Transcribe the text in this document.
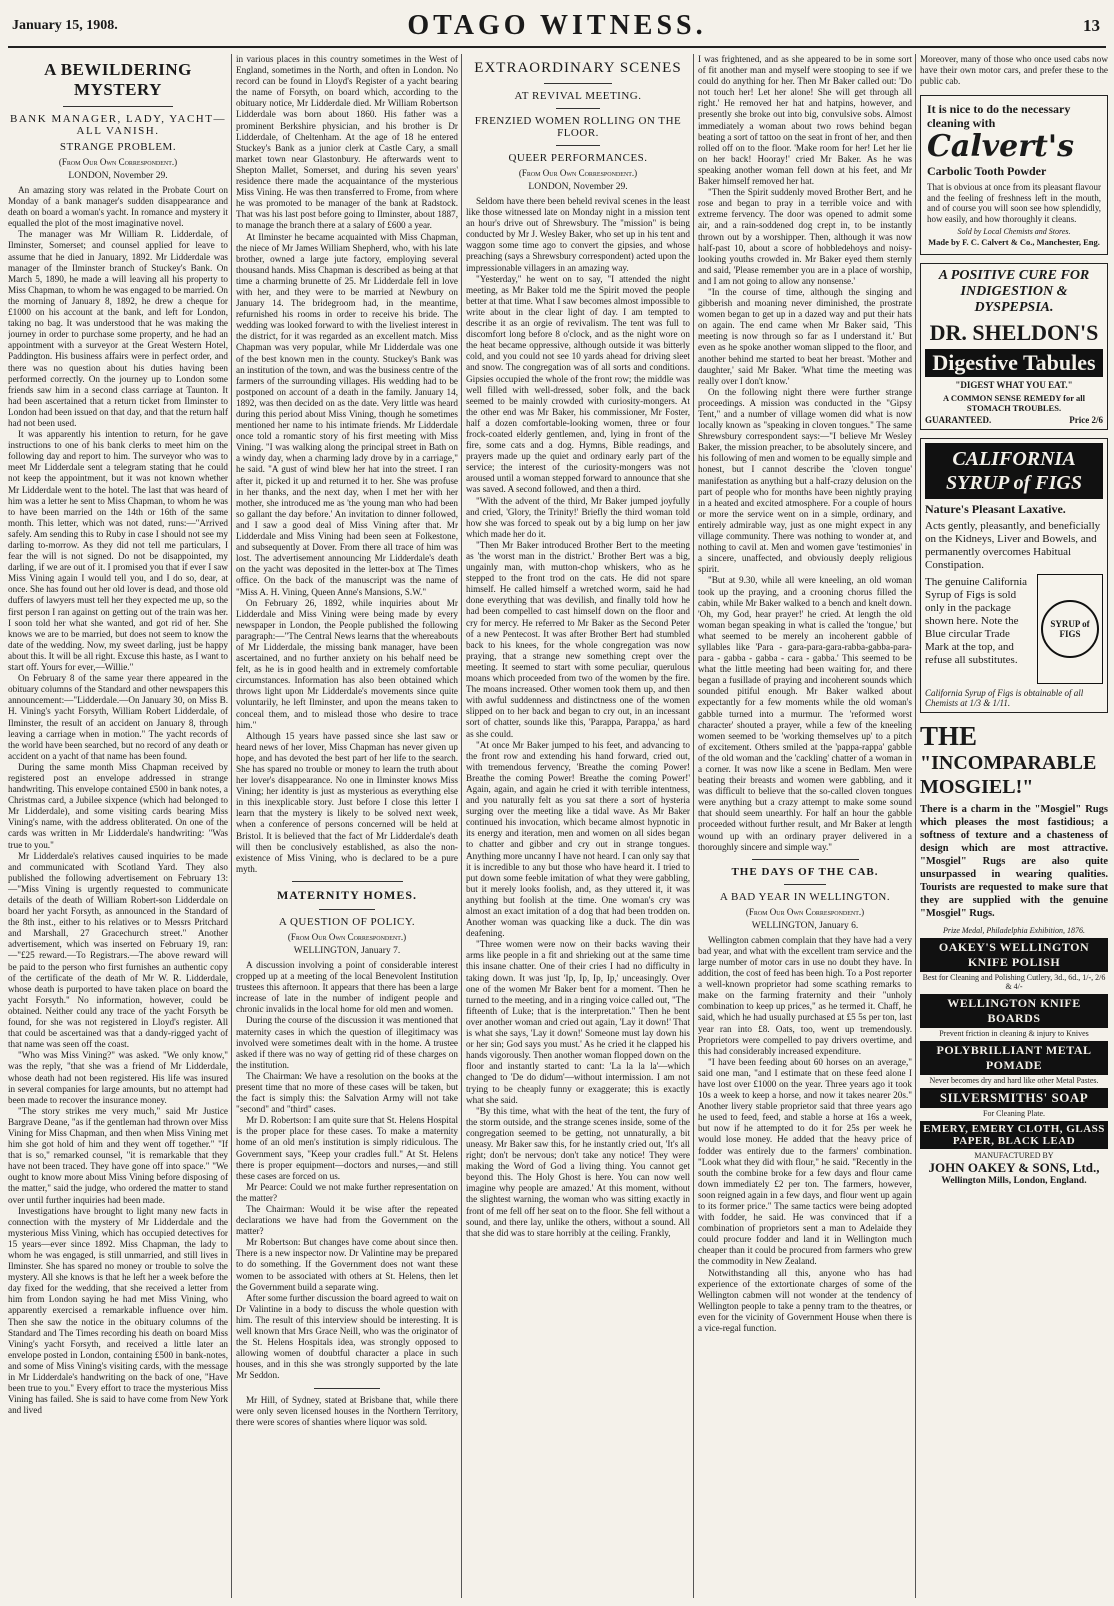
January 15, 1908.	OTAGO WITNESS.	13
A BEWILDERING MYSTERY
BANK MANAGER, LADY, YACHT— ALL VANISH.
STRANGE PROBLEM.
(From Our Own Correspondent.)
LONDON, November 29.

An amazing story was related in the Probate Court on Monday of a bank manager's sudden disappearance and death on board a woman's yacht. In romance and mystery it equalled the plot of the most imaginative novel.

The manager was Mr William R. Lidderdale, of Ilminster, Somerset; and counsel applied for leave to assume that he died in January, 1892. Mr Lidderdale was manager of the Ilminster branch of Stuckey's Bank. On March 5, 1890, he made a will leaving all his property to Miss Chapman, to whom he was engaged to be married. On the morning of January 8, 1892, he drew a cheque for £1000 on his account at the bank, and left for London, taking no bag. It was understood that he was making the journey in order to purchase some property, and he had an appointment with a surveyor at the Great Western Hotel, Paddington. His business affairs were in perfect order, and there was no question about his duties having been performed correctly. On the journey up to London some friends saw him in a second class carriage at Taunton. It had been ascertained that a return ticket from Ilminster to London had been issued on that day, and that the return half had not been used.

It was apparently his intention to return, for he gave instructions to one of his bank clerks to meet him on the following day and report to him. The surveyor who was to meet Mr Lidderdale sent a telegram stating that he could not keep the appointment, but it was not known whether Mr Lidderdale went to the hotel. The last that was heard of him was a letter he sent to Miss Chapman, to whom he was to have been married on the 14th or 16th of the same month. This letter, which was not dated, runs:—"Arrived safely. Am sending this to Ruby in case I should not see my darling to-morrow. As they did not tell me particulars, I fear the will is not signed. Do not be disappointed, my darling, if we are out of it. I promised you that if ever I saw Miss Vining again I would tell you, and I do so, dear, at once. She has found out her old lover is dead, and those old duffers of lawyers must tell her they expected me up, so the first person I ran against on getting out of the train was her. I soon told her what she wanted, and got rid of her. She knows we are to be married, but does not seem to know the date of the wedding. Now, my sweet darling, just be happy about this. It will be all right. Excuse this haste, as I want to start off. Yours for ever,—Willie."

On February 8 of the same year there appeared in the obituary columns of the Standard and other newspapers this announcement:—"Lidderdale.—On January 30, on Miss B. H. Vining's yacht Forsyth, William Robert Lidderdale, of Ilminster, the result of an accident on January 8, through leaving a carriage when in motion." The yacht records of the world have been searched, but no record of any death or accident on a yacht of that name has been found.

During the same month Miss Chapman received by registered post an envelope addressed in strange handwriting. This envelope contained £500 in bank notes, a Christmas card, a Jubilee sixpence (which had belonged to Mr Lidderdale), and some visiting cards bearing Miss Vining's name, with the address obliterated. On one of the cards was written in Mr Lidderdale's handwriting: "Was true to you."

Mr Lidderdale's relatives caused inquiries to be made and communicated with Scotland Yard. They also published the following advertisement on February 13:—"Miss Vining is urgently requested to communicate details of the death of William Robert-son Lidderdale on board her yacht Forsyth, as announced in the Standard of the 8th inst., either to his relatives or to Messrs Pritchard and Marshall, 27 Gracechurch street." Another advertisement, which was inserted on February 19, ran:—"£25 reward.—To Registrars.—The above reward will be paid to the person who first furnishes an authentic copy of the certificate of the death of Mr W. R. Lidderdale, whose death is purported to have taken place on board the yacht Forsyth." No information, however, could be obtained. Neither could any trace of the yacht Forsyth be found, for she was not registered in Lloyd's register. All that could be ascertained was that a dandy-rigged yacht of that name was seen off the coast.

"Who was Miss Vining?" was asked. "We only know," was the reply, "that she was a friend of Mr Lidderdale, whose death had not been registered. His life was insured in several companies for large amounts, but no attempt had been made to recover the insurance money.

"The story strikes me very much," said Mr Justice Bargrave Deane, "as if the gentleman had thrown over Miss Vining for Miss Chapman, and then when Miss Vining met him she got hold of him and they went off together." "If that is so," remarked counsel, "it is remarkable that they have not been traced. They have gone off into space." "We ought to know more about Miss Vining before disposing of the matter," said the judge, who ordered the matter to stand over until further inquiries had been made.

Investigations have brought to light many new facts in connection with the mystery of Mr Lidderdale and the mysterious Miss Vining, which has occupied detectives for 15 years—ever since 1892. Miss Chapman, the lady to whom he was engaged, is still unmarried, and still lives in Ilminster. She has spared no money or trouble to solve the mystery. All she knows is that he left her a week before the day fixed for the wedding, that she received a letter from him from London saying he had met Miss Vining, who apparently exercised a remarkable influence over him. Then she saw the notice in the obituary columns of the Standard and The Times recording his death on board Miss Vining's yacht Forsyth, and received a little later an envelope posted in London, containing £500 in bank-notes, and some of Miss Vining's visiting cards, with the message in Mr Lidderdale's handwriting on the back of one, "Have been true to you." Every effort to trace the mysterious Miss Vining has failed. She is said to have come from New York and lived

in various places in this country sometimes in the West of England, sometimes in the North, and often in London. No record can be found in Lloyd's Register of a yacht bearing the name of Forsyth, on board which, according to the obituary notice, Mr Lidderdale died. Mr William Robertson Lidderdale was born about 1860. His father was a prominent Berkshire physician, and his brother is Dr Lidderdale, of Cheltenham. At the age of 18 he entered Stuckey's Bank as a junior clerk at Castle Cary, a small market town near Glastonbury. He afterwards went to Shepton Mallet, Somerset, and during his seven years' residence there made the acquaintance of the mysterious Miss Vining. He was then transferred to Frome, from where he was promoted to be manager of the bank at Radstock. That was his last post before going to Ilminster, about 1887, to manage the branch there at a salary of £600 a year.

At Ilminster he became acquainted with Miss Chapman, the niece of Mr James William Shepherd, who, with his late brother, owned a large jute factory, employing several thousand hands. Miss Chapman is described as being at that time a charming brunette of 25. Mr Lidderdale fell in love with her, and they were to be married at Newbury on January 14. The bridegroom had, in the meantime, refurnished his rooms in order to receive his bride. The wedding was looked forward to with the liveliest interest in the district, for it was regarded as an excellent match. Miss Chapman was very popular, while Mr Lidderdale was one of the best known men in the county. Stuckey's Bank was an institution of the town, and was the business centre of the farmers of the surrounding villages. His wedding had to be postponed on account of a death in the family. January 14, 1892, was then decided on as the date. Very little was heard during this period about Miss Vining, though he sometimes mentioned her name to his intimate friends. Mr Lidderdale once told a romantic story of his first meeting with Miss Vining. "I was walking along the principal street in Bath on a windy day, when a charming lady drove by in a carriage," he said. "A gust of wind blew her hat into the street. I ran after it, picked it up and returned it to her. She was profuse in her thanks, and the next day, when I met her with her mother, she introduced me as 'the young man who had been so gallant the day before.' An invitation to dinner followed, and I saw a good deal of Miss Vining after that. Mr Lidderdale and Miss Vining had been seen at Folkestone, and subsequently at Dover. From there all trace of him was lost. The advertisement announcing Mr Lidderdale's death on the yacht was deposited in the letter-box at The Times office. On the back of the manuscript was the name of "Miss A. H. Vining, Queen Anne's Mansions, S.W."

On February 26, 1892, while inquiries about Mr Lidderdale and Miss Vining were being made by every newspaper in London, the People published the following paragraph:—"The Central News learns that the whereabouts of Mr Lidderdale, the missing bank manager, have been ascertained, and no further anxiety on his behalf need be felt, as he is in good health and in extremely comfortable circumstances. Information has also been obtained which throws light upon Mr Lidderdale's movements since quite voluntarily, he left Ilminster, and upon the means taken to conceal them, and to mislead those who desire to trace him."

Although 15 years have passed since she last saw or heard news of her lover, Miss Chapman has never given up hope, and has devoted the best part of her life to the search. She has spared no trouble or money to learn the truth about her lover's disappearance. No one in Ilminster knows Miss Vining; her identity is just as mysterious as everything else in this inexplicable story. Just before I close this letter I learn that the mystery is likely to be solved next week, when a conference of persons concerned will be held at Bristol. It is believed that the fact of Mr Lidderdale's death will then be conclusively established, as also the non-existence of Miss Vining, who is declared to be a pure myth.

MATERNITY HOMES.
A QUESTION OF POLICY.
(From Our Own Correspondent.)
WELLINGTON, January 7.

A discussion involving a point of considerable interest cropped up at a meeting of the local Benevolent Institution trustees this afternoon. It appears that there has been a large increase of late in the number of indigent people and chronic invalids in the local home for old men and women.

During the course of the discussion it was mentioned that maternity cases in which the question of illegitimacy was involved were sometimes dealt with in the home. A trustee asked if there was no way of getting rid of these charges on the institution.

The Chairman: We have a resolution on the books at the present time that no more of these cases will be taken, but the fact is simply this: the Salvation Army will not take "second" and "third" cases.

Mr D. Robertson: I am quite sure that St. Helens Hospital is the proper place for these cases. To make a maternity home of an old men's institution is simply ridiculous. The Government says, "Keep your cradles full." At St. Helens there is proper equipment—doctors and nurses,—and still these cases are forced on us.

Mr Pearce: Could we not make further representation on the matter?

The Chairman: Would it be wise after the repeated declarations we have had from the Government on the matter?

Mr Robertson: But changes have come about since then. There is a new inspector now. Dr Valintine may be prepared to do something. If the Government does not want these women to be associated with others at St. Helens, then let the Government build a separate wing.

After some further discussion the board agreed to wait on Dr Valintine in a body to discuss the whole question with him. The result of this interview should be interesting. It is well known that Mrs Grace Neill, who was the originator of the St. Helens Hospitals idea, was strongly opposed to allowing women of doubtful character a place in such houses, and in this she was strongly supported by the late Mr Seddon.

Mr Hill, of Sydney, stated at Brisbane that, while there were only seven licensed houses in the Northern Territory, there were scores of shanties where liquor was sold.

EXTRAORDINARY SCENES
AT REVIVAL MEETING.
FRENZIED WOMEN ROLLING ON THE FLOOR.
QUEER PERFORMANCES.
(From Our Own Correspondent.)
LONDON, November 29.

Seldom have there been beheld revival scenes in the least like those witnessed late on Monday night in a mission tent an hour's drive out of Shrewsbury. The "mission" is being conducted by Mr J. Wesley Baker, who set up in his tent and waggon some time ago to convert the gipsies, and whose preaching (says a Shrewsbury correspondent) acted upon the impressionable villagers in an amazing way.

"Yesterday," he went on to say, "I attended the night meeting, as Mr Baker told me the Spirit moved the people better at that time. What I saw becomes almost impossible to write about in the clear light of day. I am tempted to describe it as an orgie of revivalism. The tent was full to discomfort long before 8 o'clock, and as the night wore on the heat became oppressive, although outside it was bitterly cold, and you could not see 10 yards ahead for driving sleet and snow. The congregation was of all sorts and conditions. Gipsies occupied the whole of the front row; the middle was well filled with well-dressed, sober folk, and the back seemed to be mainly crowded with curiosity-mongers. At the other end was Mr Baker, his commissioner, Mr Foster, half a dozen comfortable-looking women, three or four frock-coated elderly gentlemen, and, lying in front of the fire, some cats and a dog. Hymns, Bible readings, and prayers made up the quiet and ordinary early part of the service; the interest of the curiosity-mongers was not aroused until a woman stepped forward to announce that she was saved. A second followed, and then a third.

"With the advent of the third, Mr Baker jumped joyfully and cried, 'Glory, the Trinity!' Briefly the third woman told how she was forced to speak out by a big lump on her jaw which made her do it.

"Then Mr Baker introduced Brother Bert to the meeting as 'the worst man in the district.' Brother Bert was a big, ungainly man, with mutton-chop whiskers, who as he stepped to the front trod on the cats. He did not spare himself. He called himself a wretched worm, said he had done everything that was devilish, and finally told how he had been compelled to cast himself down on the floor and cry for mercy. He referred to Mr Baker as the Second Peter of a new Pentecost. It was after Brother Bert had stumbled back to his knees, for the whole congregation was now praying, that a strange new something crept over the meeting. It seemed to start with some peculiar, querulous moans which proceeded from two of the women by the fire. The moans increased. Other women took them up, and then with awful suddenness and distinctness one of the women slipped on to her back and began to cry out, in an incessant sort of chatter, sounds like this, 'Parappa, Parappa,' as hard as she could.

"At once Mr Baker jumped to his feet, and advancing to the front row and extending his hand forward, cried out, with tremendous fervency, 'Breathe the coming Power! Breathe the coming Power! Breathe the coming Power!' Again, again, and again he cried it with terrible intentness, and you naturally felt as you sat there a sort of hysteria surging over the meeting like a tidal wave. As Mr Baker continued his invocation, which became almost hypnotic in its energy and iteration, men and women on all sides began to chatter and gibber and cry out in strange tongues. Anything more uncanny I have not heard. I can only say that it is incredible to any but those who have heard it. I tried to put down some feeble imitation of what they were gabbling, but it merely looks foolish, and, as they uttered it, it was anything but foolish at the time. One woman's cry was almost an exact imitation of a dog that had been trodden on. Another woman was quacking like a duck. The din was deafening.

"Three women were now on their backs waving their arms like people in a fit and shrieking out at the same time this insane chatter. One of their cries I had no difficulty in taking down. It was just 'Ip, Ip, Ip, Ip,' unceasingly. Over one of the women Mr Baker bent for a moment. 'Then he turned to the meeting, and in a ringing voice called out, "The fifteenth of Luke; that is the interpretation." Then he bent over another woman and cried out again, 'Lay it down!' That is what she says, 'Lay it down!' Someone must lay down his or her sin; God says you must.' As he cried it he clapped his hands vigorously. Then another woman flopped down on the floor and instantly started to cant: 'La la la la'—which changed to 'De do didum'—without intermission. I am not trying to be cheaply funny or exaggerate; this is exactly what she said.

"By this time, what with the heat of the tent, the fury of the storm outside, and the strange scenes inside, some of the congregation seemed to be getting, not unnaturally, a bit uneasy. Mr Baker saw this, for he instantly cried out, 'It's all right; don't be nervous; don't take any notice! They were making the Word of God a living thing. You cannot get beyond this. The Holy Ghost is here. You can now well imagine why people are amazed.' At this moment, without the slightest warning, the woman who was sitting exactly in front of me fell off her seat on to the floor. She fell without a sound, and there lay, unlike the others, without a sound. All that she did was to stare horribly at the ceiling. Frankly,

I was frightened, and as she appeared to be in some sort of fit another man and myself were stooping to see if we could do anything for her. Then Mr Baker called out: 'Do not touch her! Let her alone! She will get through all right.' He removed her hat and hatpins, however, and presently she broke out into big, convulsive sobs. Almost immediately a woman about two rows behind began beating a sort of tattoo on the seat in front of her, and then rolled off on to the floor. 'Make room for her! Let her lie on her back! Hooray!' cried Mr Baker. As he was speaking another woman fell down at his feet, and Mr Baker himself removed her hat.

"Then the Spirit suddenly moved Brother Bert, and he rose and began to pray in a terrible voice and with extreme fervency. The door was opened to admit some air, and a rain-soddened dog crept in, to be instantly thrown out by a worshipper. Then, although it was now half-past 10, about a score of hobbledehoys and noisy-looking youths crowded in. Mr Baker eyed them sternly and said, 'Please remember you are in a place of worship, and I am not going to allow any nonsense.'

"In the course of time, although the singing and gibberish and moaning never diminished, the prostrate women began to get up in a dazed way and put their hats on again. The end came when Mr Baker said, 'This meeting is now through so far as I understand it.' But even as he spoke another woman slipped to the floor, and another behind me started to beat her breast. 'Mother and daughter,' said Mr Baker. 'What time the meeting was really over I don't know.'

On the following night there were further strange proceedings. A mission was conducted in the "Gipsy Tent," and a number of village women did what is now locally known as "speaking in cloven tongues." The same Shrewsbury correspondent says:—"I believe Mr Wesley Baker, the mission preacher, to be absolutely sincere, and his following of men and women to be equally simple and honest, but I cannot describe the 'cloven tongue' manifestation as anything but a half-crazy delusion on the part of people who for months have been nightly praying in a heated and excited atmosphere. For a couple of hours or more the service went on in a simple, ordinary, and entirely admirable way, just as one might expect in any village community. There was nothing to wonder at, and nothing to cavil at. Men and women gave 'testimonies' in a sincere, unaffected, and obviously deeply religious spirit.

"But at 9.30, while all were kneeling, an old woman took up the praying, and a crooning chorus filled the cabin, while Mr Baker walked to a bench and knelt down. 'Oh, my God, hear prayer!' he cried. At length the old woman began speaking in what is called the 'tongue,' but what seemed to be merely an incoherent gabble of syllables like 'Para - gara-para-gara-rabba-gabba-para-para - gabba - gabba - cara - gabba.' This seemed to be what the little meeting had been waiting for, and there began a fusillade of praying and incoherent sounds which sounded pitiful enough. Mr Baker walked about expectantly for a few moments while the old woman's gabble turned into a murmur. The 'reformed worst character' shouted a prayer, while a few of the kneeling women seemed to be 'working themselves up' to a pitch of excitement. Others smiled at the 'pappa-rappa' gabble of the old woman and the 'cackling' chatter of a woman in a corner. It was now like a scene in Bedlam. Men were beating their breasts and women were gabbling, and it was difficult to believe that the so-called cloven tongues were anything but a crazy attempt to make some sound that should seem unearthly. For half an hour the gabble proceeded without further result, and Mr Baker at length wound up with an ordinary prayer delivered in a thoroughly sincere and simple way."

THE DAYS OF THE CAB.
A BAD YEAR IN WELLINGTON.
(From Our Own Correspondent.)
WELLINGTON, January 6.

Wellington cabmen complain that they have had a very bad year, and what with the excellent tram service and the large number of motor cars in use no doubt they have. In addition, the cost of feed has been high. To a Post reporter a well-known proprietor had some scathing remarks to make on the farming fraternity and their "unholy combination to keep up prices," as he termed it. Chaff, he said, which he had usually purchased at £5 5s per ton, last year ran into £8. Oats, too, went up tremendously. Proprietors were compelled to pay drivers overtime, and this had considerably increased expenditure.

"I have been feeding about 60 horses on an average," said one man, "and I estimate that on these feed alone I have lost over £1000 on the year. Three years ago it took 10s a week to keep a horse, and now it takes nearer 20s." Another livery stable proprietor said that three years ago he used to feed, feed, and stable a horse at 16s a week, but now if he attempted to do it for 25s per week he would lose money. He added that the heavy price of fodder was entirely due to the farmers' combination. "Look what they did with flour," he said. "Recently in the south the combine broke for a few days and flour came down immediately £2 per ton. The farmers, however, soon reigned again in a few days, and flour went up again to its former price." The same tactics were being adopted with fodder, he said. He was convinced that if a combination of proprietors sent a man to Adelaide they could procure fodder and land it in Wellington much cheaper than it could be procured from farmers who grew the commodity in New Zealand.

Notwithstanding all this, anyone who has had experience of the extortionate charges of some of the Wellington cabmen will not wonder at the tendency of Wellington people to take a penny tram to the theatres, or even for the vicinity of Government House when there is a vice-regal function.

Moreover, many of those who once used cabs now have their own motor cars, and prefer these to the public cab.

It is nice to do the necessary cleaning with
Calvert's
Carbolic Tooth Powder
That is obvious at once from its pleasant flavour and the feeling of freshness left in the mouth, and of course you will soon see how splendidly, how easily, and how thoroughly it cleans.
Sold by Local Chemists and Stores.
Made by F. C. Calvert & Co., Manchester, Eng.
A POSITIVE CURE FOR INDIGESTION & DYSPEPSIA.
DR. SHELDON'S
Digestive Tabules
"DIGEST WHAT YOU EAT."
A COMMON SENSE REMEDY for all STOMACH TROUBLES.
GUARANTEED.	Price 2/6
CALIFORNIA SYRUP of FIGS
Nature's Pleasant Laxative.
Acts gently, pleasantly, and beneficially on the Kidneys, Liver and Bowels, and permanently overcomes Habitual Constipation.
SYRUP of FIGS
The genuine California Syrup of Figs is sold only in the package shown here. Note the Blue circular Trade Mark at the top, and refuse all substitutes.
California Syrup of Figs is obtainable of all Chemists at 1/3 & 1/11.
THE
"INCOMPARABLE MOSGIEL!"
There is a charm in the "Mosgiel" Rugs which pleases the most fastidious; a softness of texture and a chasteness of design which are most attractive. "Mosgiel" Rugs are also quite unsurpassed in wearing qualities. Tourists are requested to make sure that they are supplied with the genuine "Mosgiel" Rugs.
Prize Medal, Philadelphia Exhibition, 1876.
OAKEY'S WELLINGTON KNIFE POLISH
Best for Cleaning and Polishing Cutlery, 3d., 6d., 1/-, 2/6 & 4/-
WELLINGTON KNIFE BOARDS
Prevent friction in cleaning & injury to Knives
POLYBRILLIANT METAL POMADE
Never becomes dry and hard like other Metal Pastes.
SILVERSMITHS' SOAP
For Cleaning Plate.
EMERY, EMERY CLOTH, GLASS PAPER, BLACK LEAD
MANUFACTURED BY
JOHN OAKEY & SONS, Ltd.,
Wellington Mills, London, England.
